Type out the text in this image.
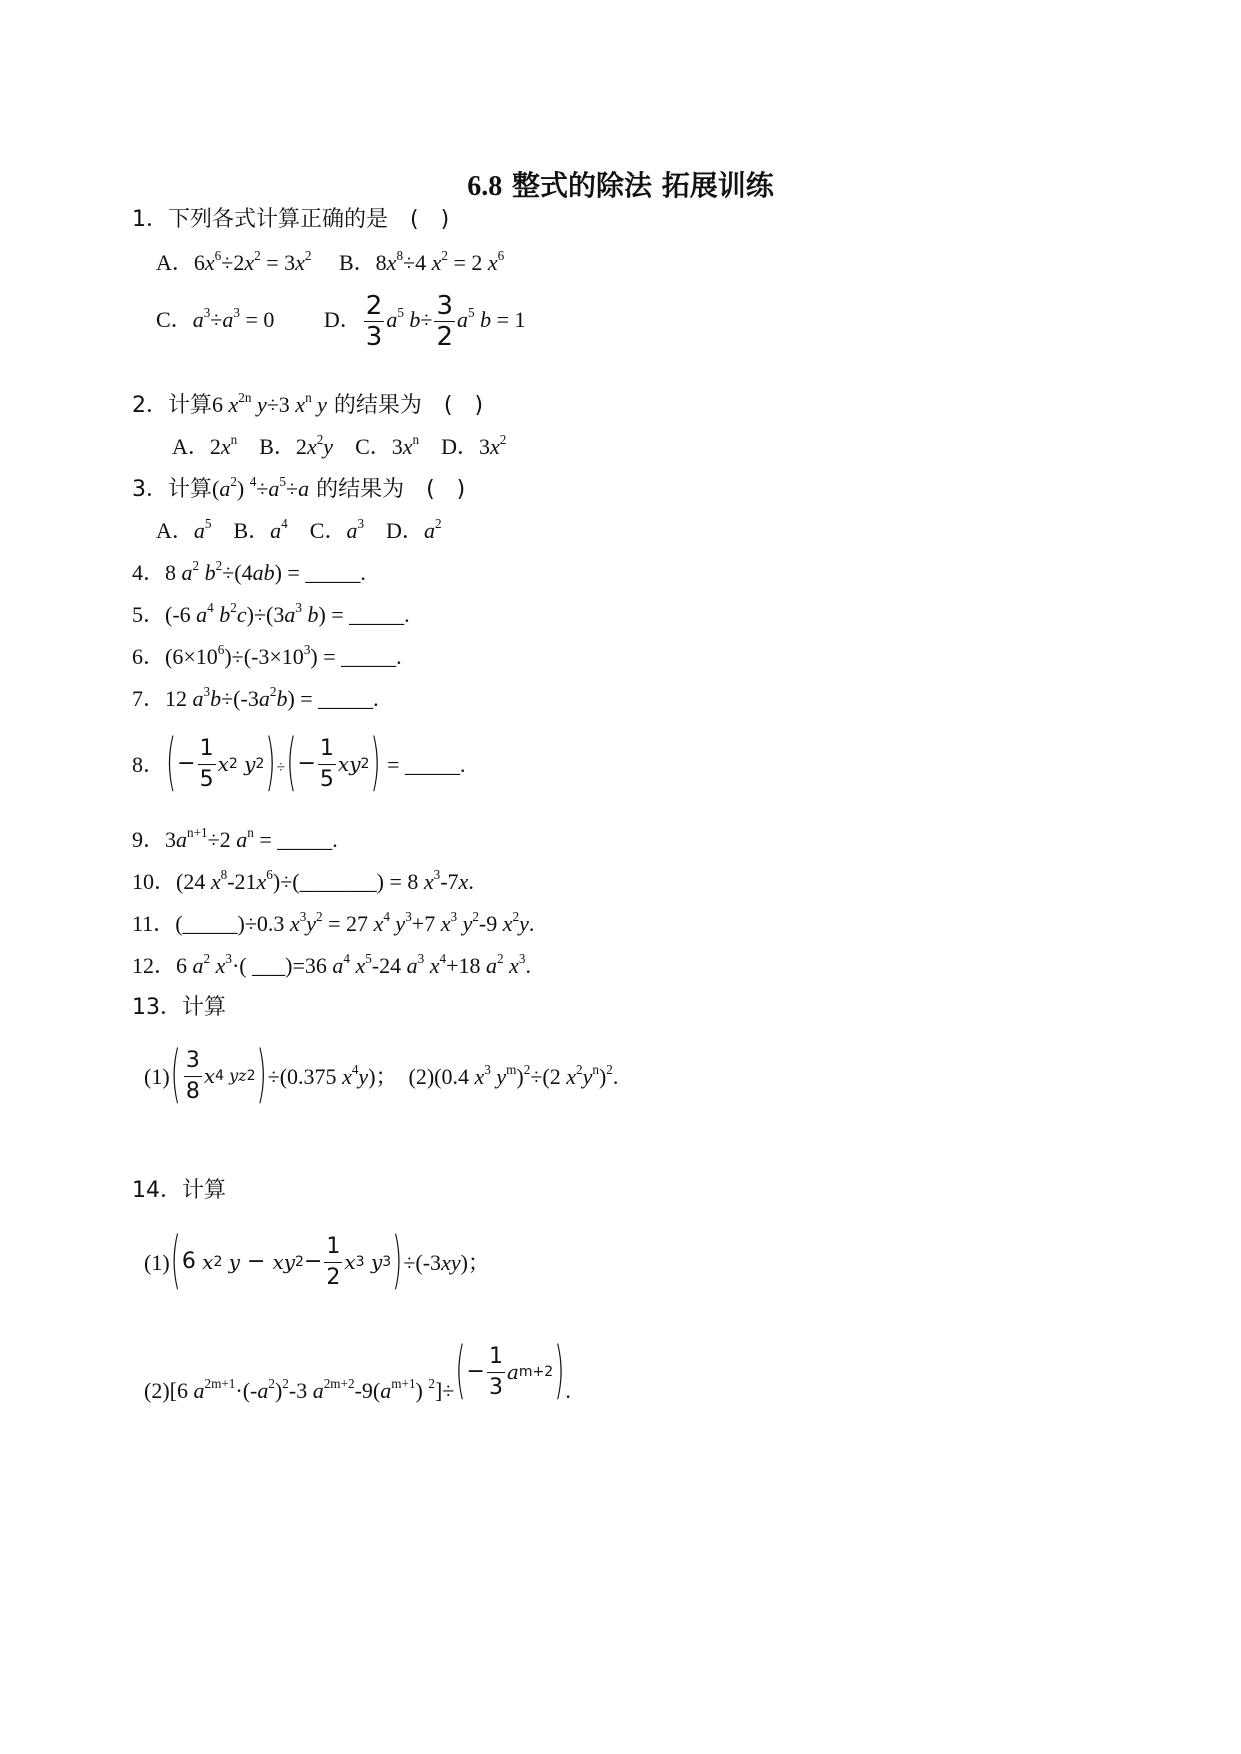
6.8 整式的除法 拓展训练
1．下列各式计算正确的是　(　)
A．$6x^6\div 2x^2 = 3x^2$　 B．$8x^8\div 4$ $x^2 = 2$ $x^6$
C．$a^3\div a^3 = 0$　　 D． $\frac{2}{3} a^5$ $b\div \frac{3}{2} a^5$ b = 1
2．计算6 $x^{2n}$ y÷3 $x^n$ y 的结果为　(　)
A．$2x^n$　B．$2x^2y$　C．$3x^n$　D．$3x^2$
3．计算$(a^2)$ $^4\div a^5\div a$ 的结果为　(　)
A．$a^5$　B．$a^4$　C．$a^3$　D．$a^2$
4．8 $a^2$ $b^2\div(4ab)$ = _____.
5．(-6 $a^4$ $b^2c)\div(3a^3$ b) = _____.
6．$(6\times 10^6)\div(-3\times 10^3)$ = _____.
7．12 $a^3b\div(-3a^2b)$ = _____.
8． ( − $\frac{1}{5}$ x 2 y 2 ) ÷ ( − $\frac{1}{5}$ xy 2 ) = _____.
9．$3a^{n+1}\div 2$ $a^n$ = _____.
10．(24 $x^8-21x^6)\div(\_\_\_\_\_\_\_) = 8$ $x^3-7x$.
11．(_____)÷0.3 $x^3y^2 = 27$ $x^4$ $y^3+7$ $x^3$ $y^2-9$ $x^2y$.
12．6 $a^2$ $x^3\cdot$( ___)=36 $a^4$ $x^5-24$ $a^3$ $x^4+18$ $a^2$ $x^3$.
13．计算
(1) ( $\frac{3}{8}$ x 4 yz 2 ) ÷(0.375 $x^4y$)；　(2)(0.4 $x^3$ $y^m)^2\div(2$ $x^2y^n)^2$.
14．计算
(1) ( 6 x 2 y − xy $2 - \frac{1}{2}$ x 3 y 3 ) ÷(-3xy)；
(2)[6 $a^{2m+1}\cdot(-a^2)^2-3$ $a^{2m+2}-9(a^{m+1})$ $^2$]÷ ( − $\frac{1}{3}$ a m+2 ) .
